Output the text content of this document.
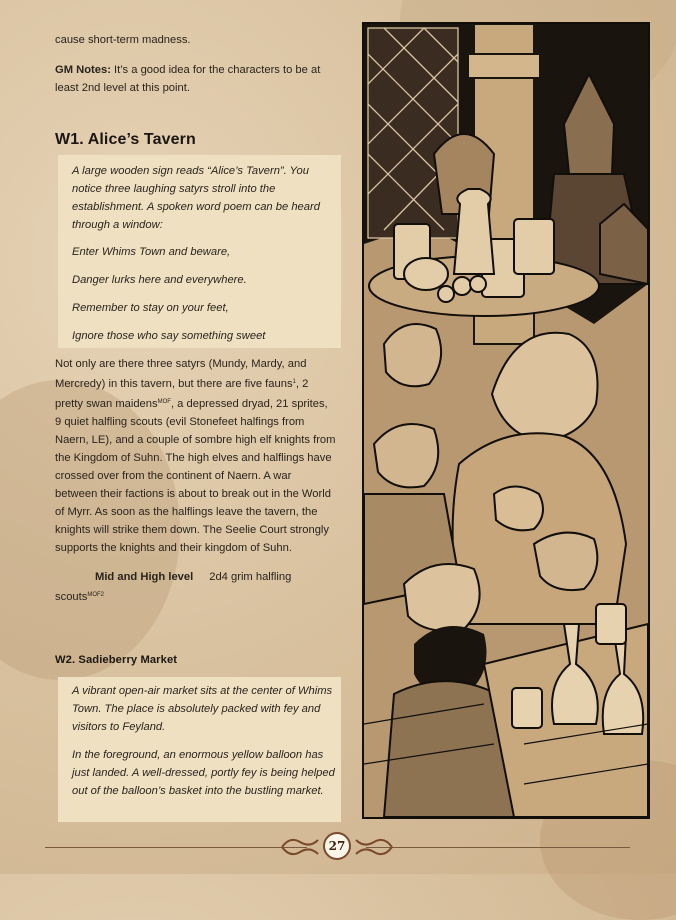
cause short-term madness.

GM Notes: It’s a good idea for the characters to be at least 2nd level at this point.

W1. Alice’s Tavern

A large wooden sign reads “Alice’s Tavern”. You notice three laughing satyrs stroll into the establishment. A spoken word poem can be heard through a window:

Enter Whims Town and beware,

Danger lurks here and everywhere.

Remember to stay on your feet,

Ignore those who say something sweet

Not only are there three satyrs (Mundy, Mardy, and Mercredy) in this tavern, but there are five fauns$^1$, 2 pretty swan maidens$^{MOF}$, a depressed dryad, 21 sprites, 9 quiet halfling scouts (evil Stonefeet halfings from Naern, LE), and a couple of sombre high elf knights from the Kingdom of Suhn. The high elves and halflings have crossed over from the continent of Naern. A war between their factions is about to break out in the World of Myrr. As soon as the halflings leave the tavern, the knights will strike them down. The Seelie Court strongly supports the knights and their kingdom of Suhn.

Mid and High level 2d4 grim halfling
scouts$^{MOF2}$

W2. Sadieberry Market

A vibrant open-air market sits at the center of Whims Town. The place is absolutely packed with fey and visitors to Feyland.

In the foreground, an enormous yellow balloon has just landed. A well-dressed, portly fey is being helped out of the balloon’s basket into the bustling market.

27
